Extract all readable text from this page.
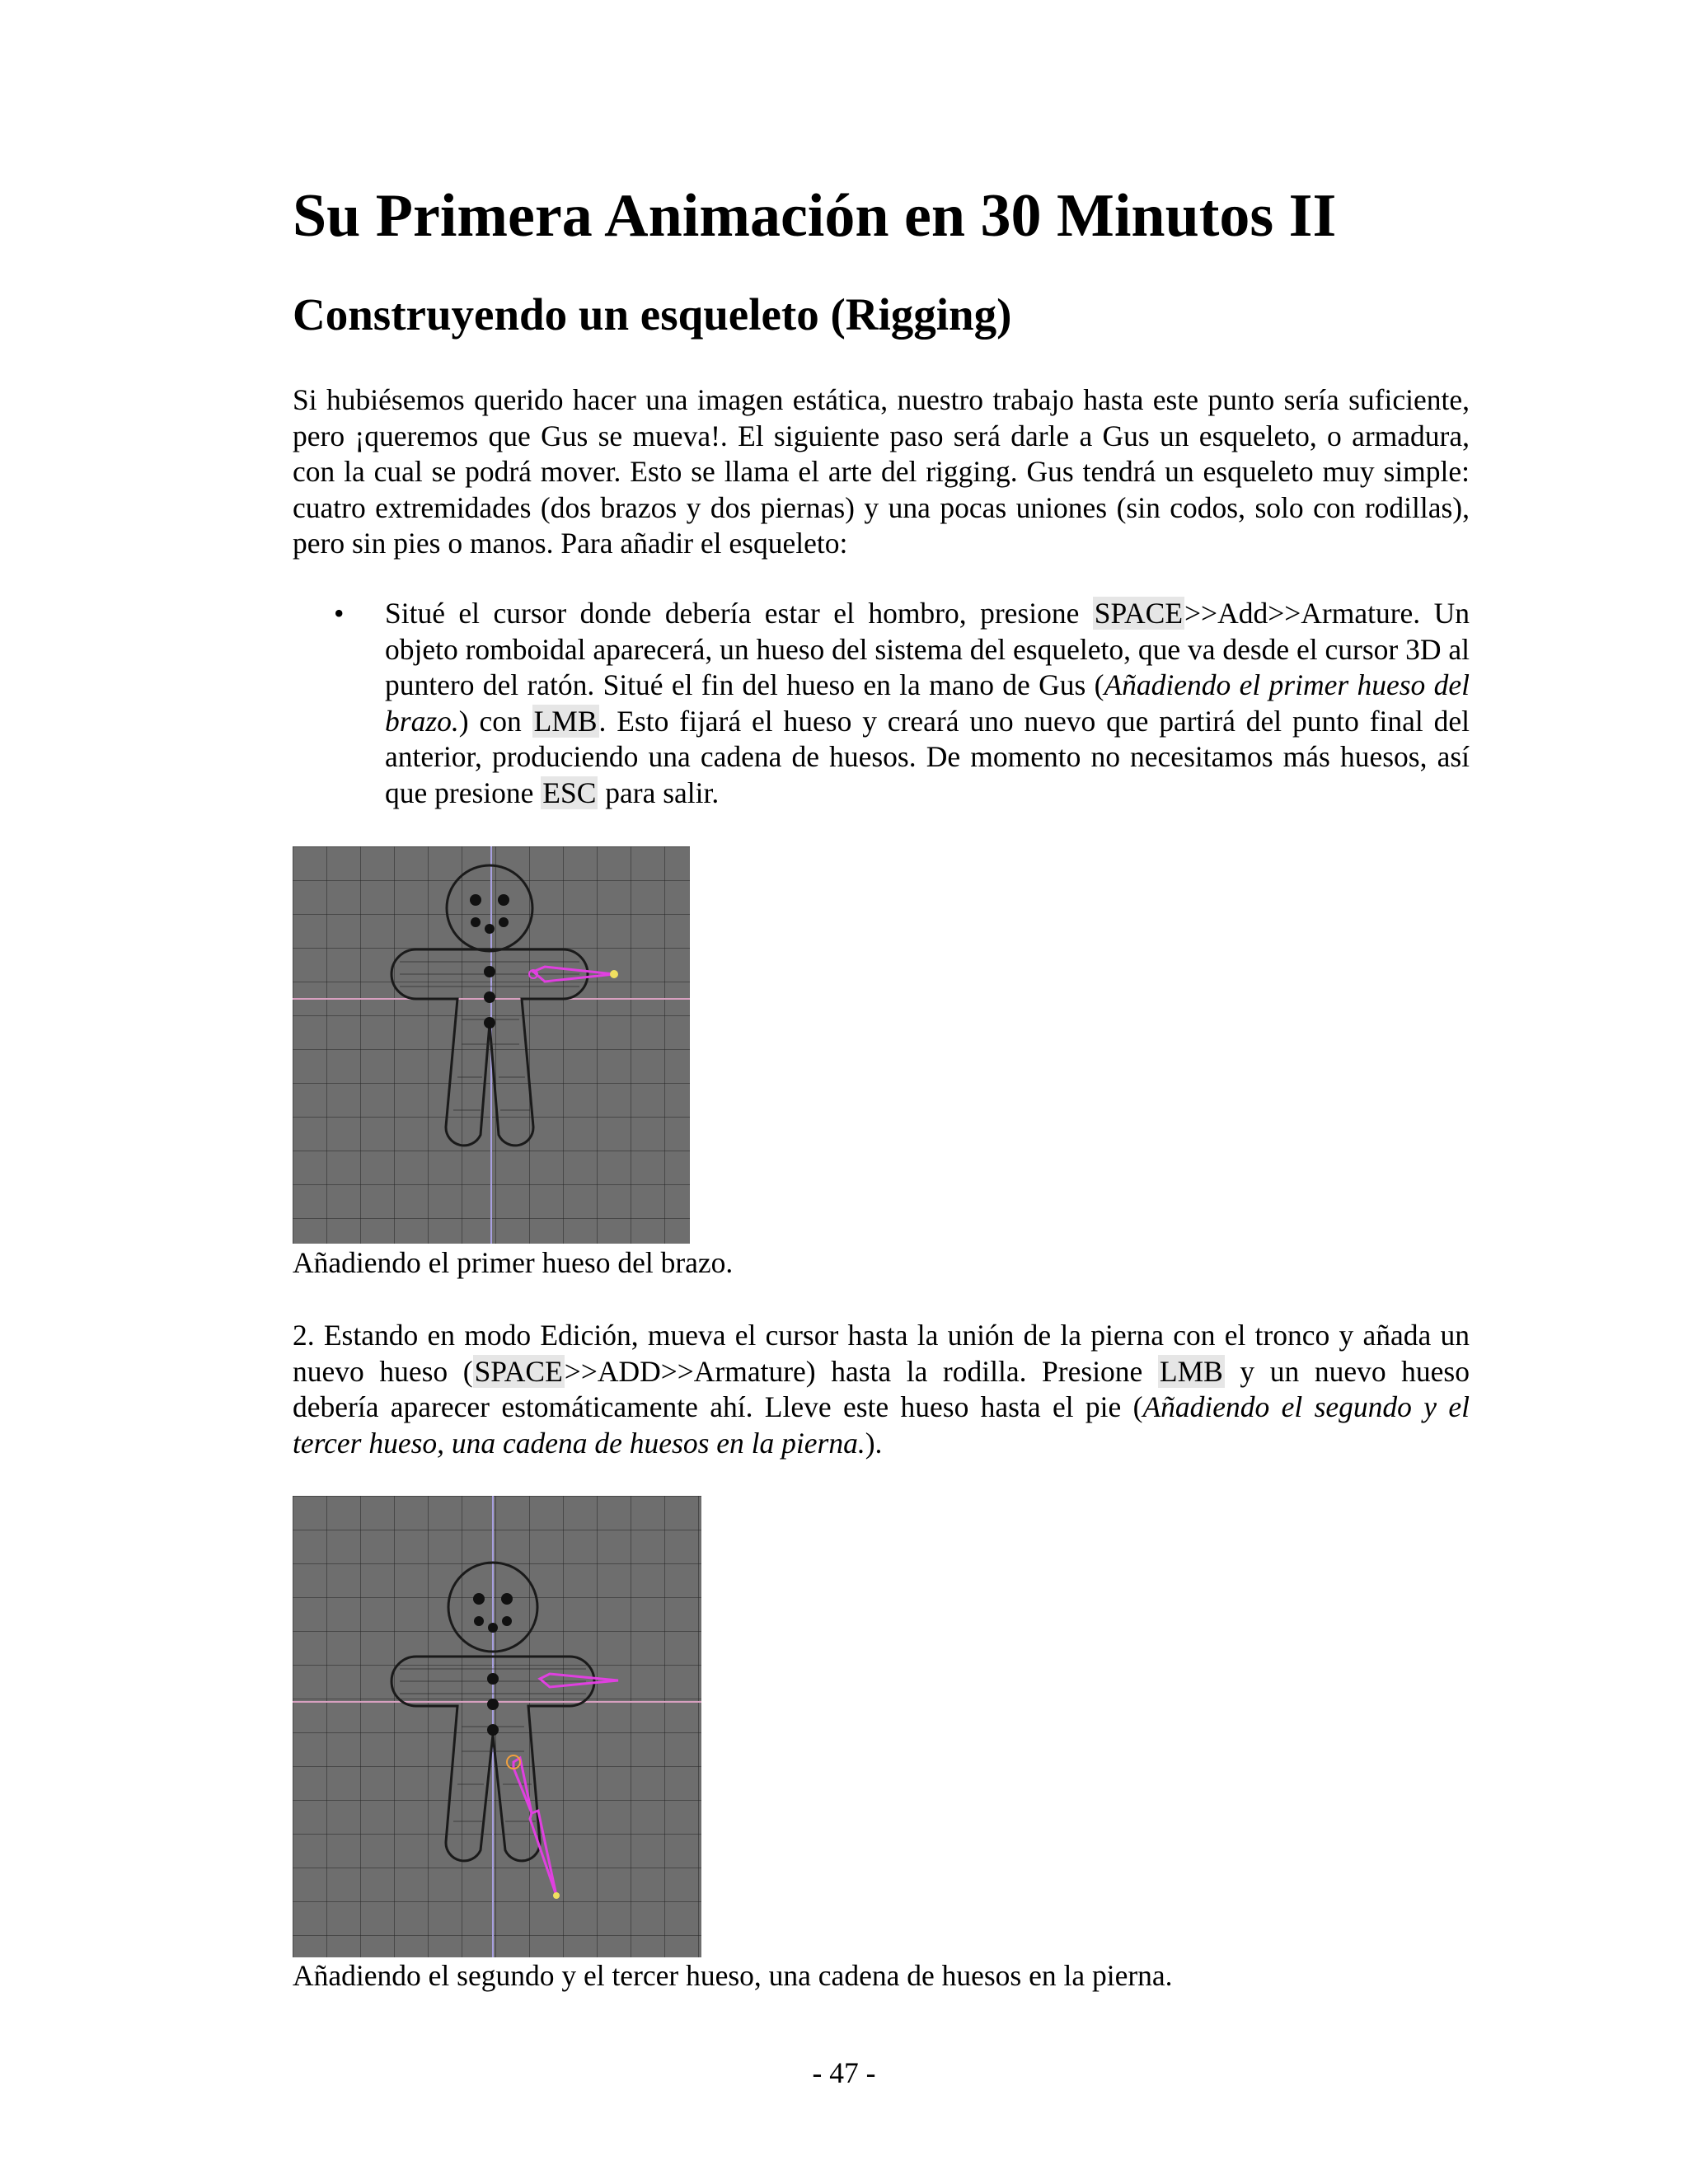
Su Primera Animación en 30 Minutos II
Construyendo un esqueleto (Rigging)

Si hubiésemos querido hacer una imagen estática, nuestro trabajo hasta este punto sería suficiente, pero ¡queremos que Gus se mueva!. El siguiente paso será darle a Gus un esqueleto, o armadura, con la cual se podrá mover. Esto se llama el arte del rigging. Gus tendrá un esqueleto muy simple: cuatro extremidades (dos brazos y dos piernas) y una pocas uniones (sin codos, solo con rodillas), pero sin pies o manos. Para añadir el esqueleto:

• Situé el cursor donde debería estar el hombro, presione SPACE>>Add>>Armature. Un objeto romboidal aparecerá, un hueso del sistema del esqueleto, que va desde el cursor 3D al puntero del ratón. Situé el fin del hueso en la mano de Gus (Añadiendo el primer hueso del brazo.) con LMB. Esto fijará el hueso y creará uno nuevo que partirá del punto final del anterior, produciendo una cadena de huesos. De momento no necesitamos más huesos, así que presione ESC para salir.

Añadiendo el primer hueso del brazo.

2. Estando en modo Edición, mueva el cursor hasta la unión de la pierna con el tronco y añada un nuevo hueso (SPACE>>ADD>>Armature) hasta la rodilla. Presione LMB y un nuevo hueso debería aparecer estomáticamente ahí. Lleve este hueso hasta el pie (Añadiendo el segundo y el tercer hueso, una cadena de huesos en la pierna.).

Añadiendo el segundo y el tercer hueso, una cadena de huesos en la pierna.

- 47 -
